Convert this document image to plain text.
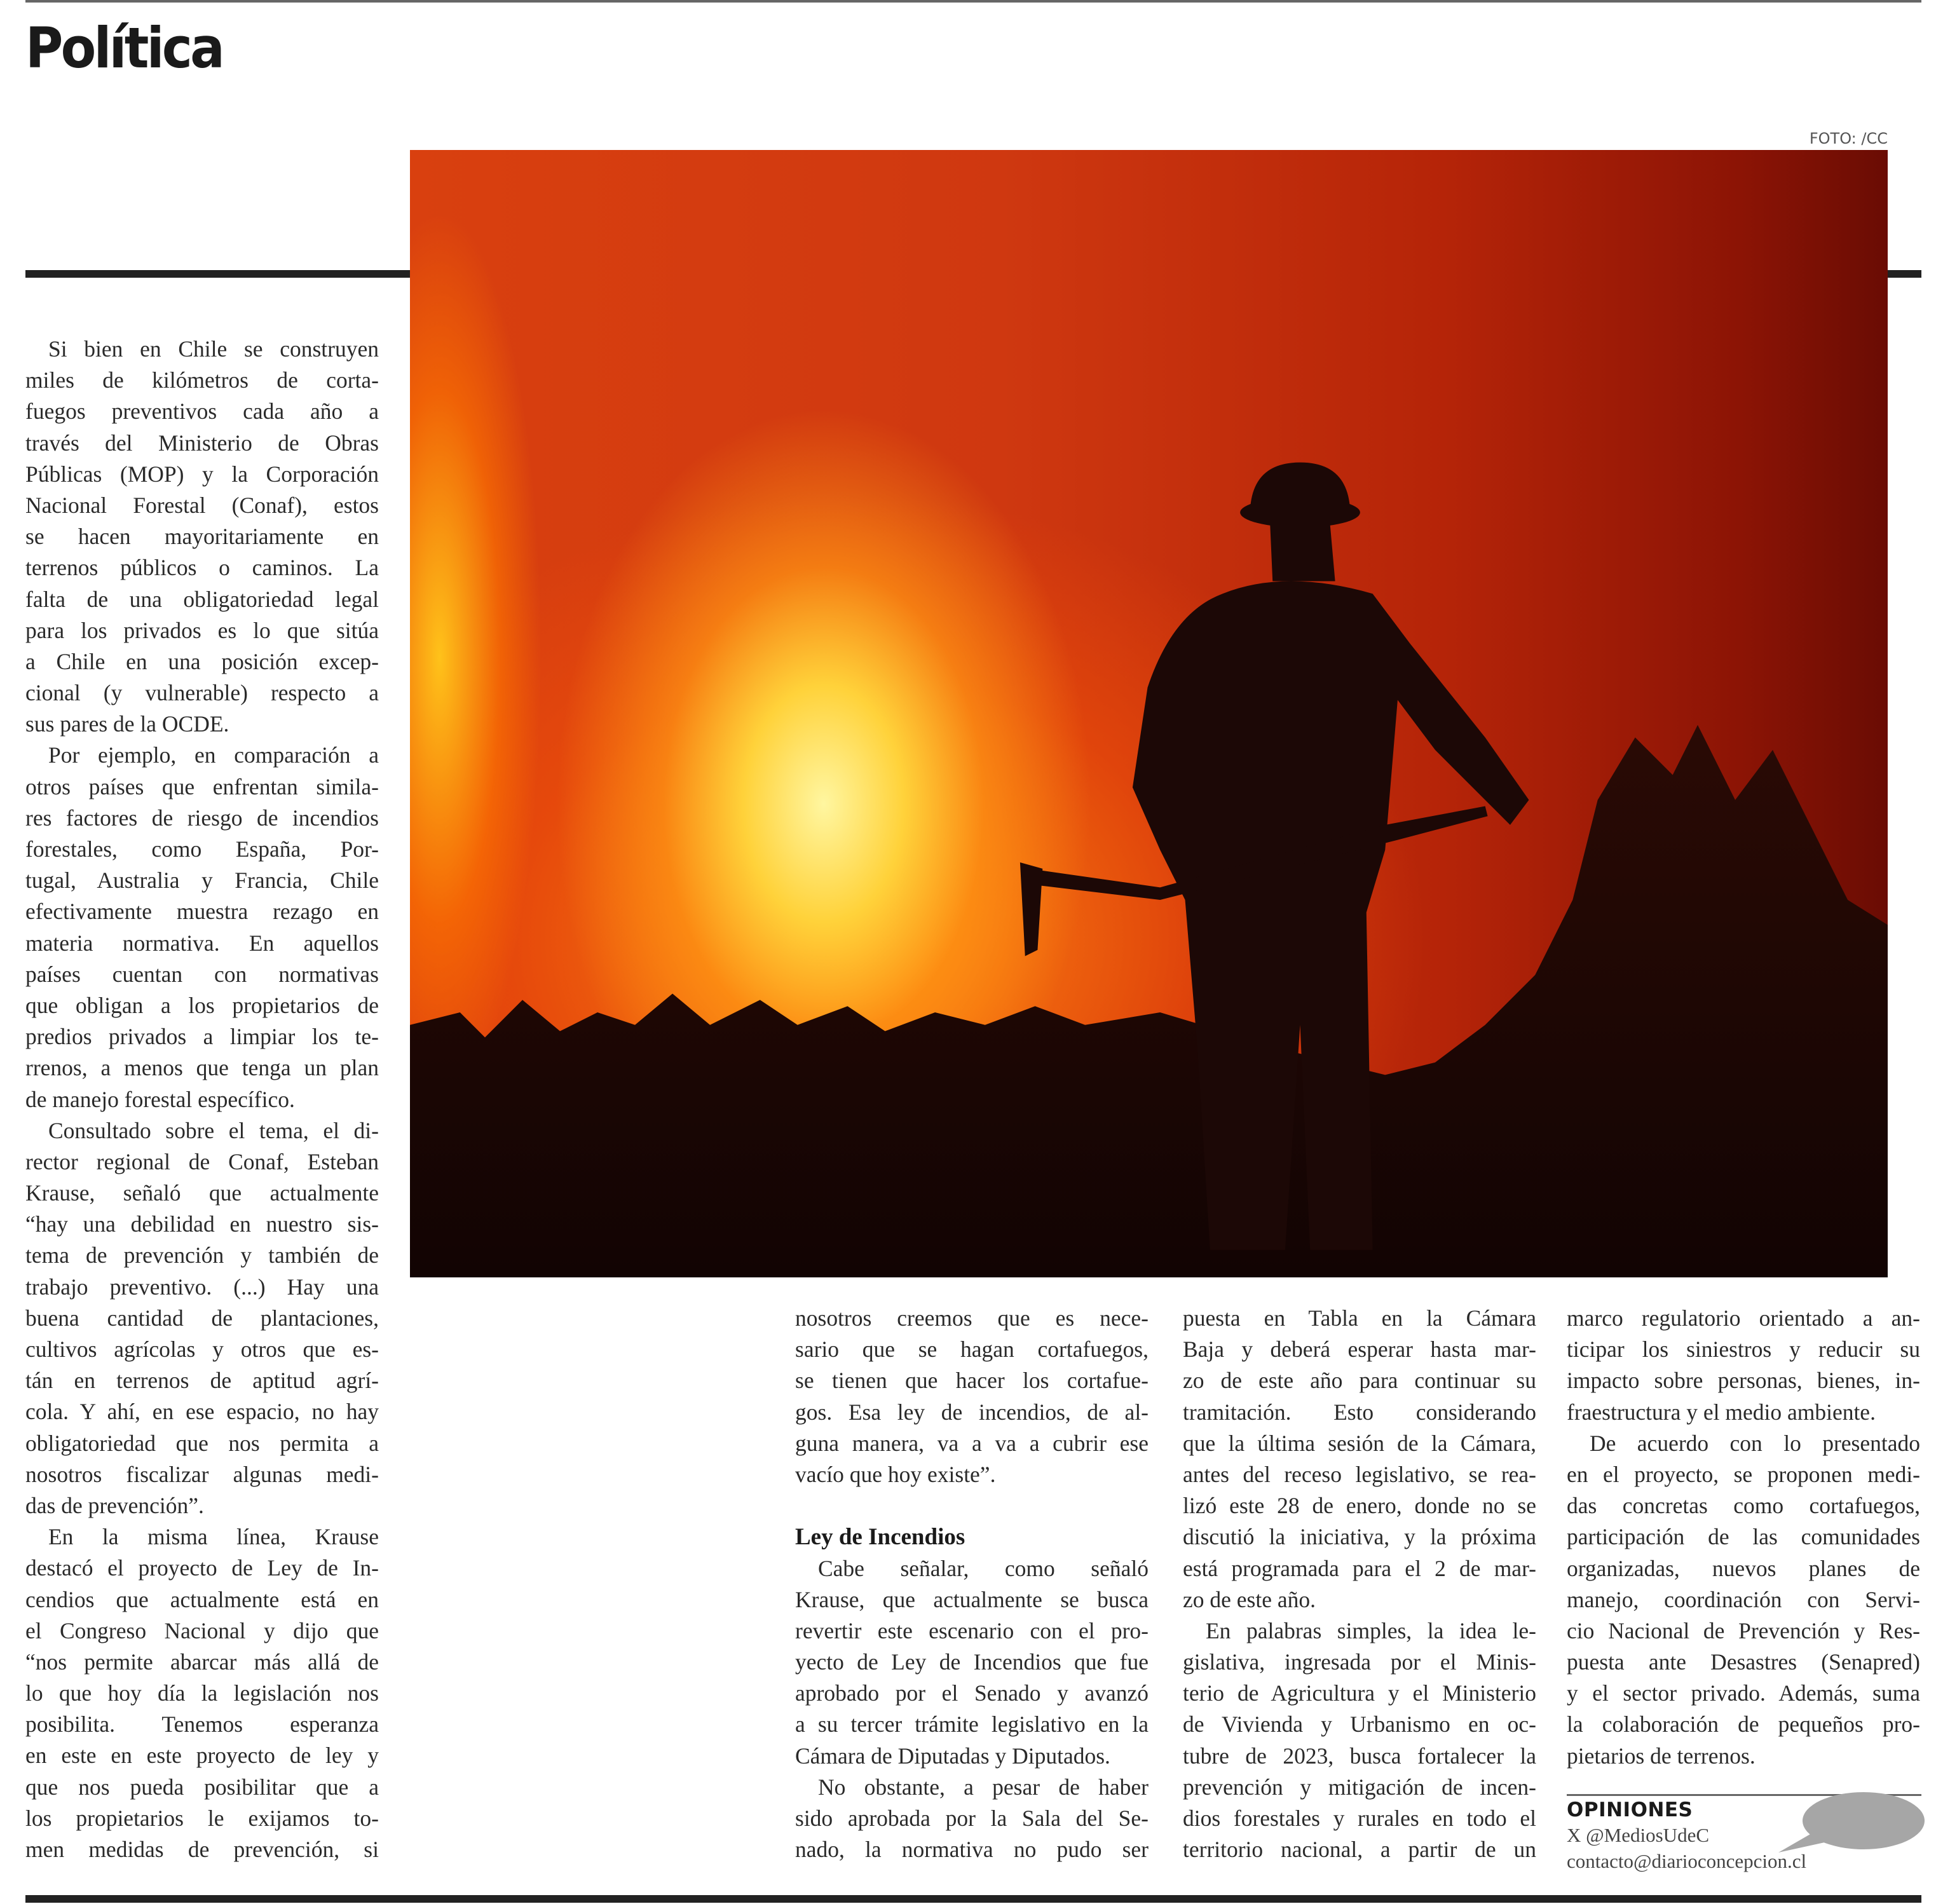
Política
FOTO: /CC
Si bien en Chile se construyen
miles de kilómetros de corta-
fuegos preventivos cada año a
través del Ministerio de Obras
Públicas (MOP) y la Corporación
Nacional Forestal (Conaf), estos
se hacen mayoritariamente en
terrenos públicos o caminos. La
falta de una obligatoriedad legal
para los privados es lo que sitúa
a Chile en una posición excep-
cional (y vulnerable) respecto a
sus pares de la OCDE.
Por ejemplo, en comparación a
otros países que enfrentan simila-
res factores de riesgo de incendios
forestales, como España, Por-
tugal, Australia y Francia, Chile
efectivamente muestra rezago en
materia normativa. En aquellos
países cuentan con normativas
que obligan a los propietarios de
predios privados a limpiar los te-
rrenos, a menos que tenga un plan
de manejo forestal específico.
Consultado sobre el tema, el di-
rector regional de Conaf, Esteban
Krause, señaló que actualmente
“hay una debilidad en nuestro sis-
tema de prevención y también de
trabajo preventivo. (...) Hay una
buena cantidad de plantaciones,
cultivos agrícolas y otros que es-
tán en terrenos de aptitud agrí-
cola. Y ahí, en ese espacio, no hay
obligatoriedad que nos permita a
nosotros fiscalizar algunas medi-
das de prevención”.
En la misma línea, Krause
destacó el proyecto de Ley de In-
cendios que actualmente está en
el Congreso Nacional y dijo que
“nos permite abarcar más allá de
lo que hoy día la legislación nos
posibilita. Tenemos esperanza
en este en este proyecto de ley y
que nos pueda posibilitar que a
los propietarios le exijamos to-
men medidas de prevención, si
nosotros creemos que es nece-
sario que se hagan cortafuegos,
se tienen que hacer los cortafue-
gos. Esa ley de incendios, de al-
guna manera, va a va a cubrir ese
vacío que hoy existe”.
Ley de Incendios
Cabe señalar, como señaló
Krause, que actualmente se busca
revertir este escenario con el pro-
yecto de Ley de Incendios que fue
aprobado por el Senado y avanzó
a su tercer trámite legislativo en la
Cámara de Diputadas y Diputados.
No obstante, a pesar de haber
sido aprobada por la Sala del Se-
nado, la normativa no pudo ser
puesta en Tabla en la Cámara
Baja y deberá esperar hasta mar-
zo de este año para continuar su
tramitación. Esto considerando
que la última sesión de la Cámara,
antes del receso legislativo, se rea-
lizó este 28 de enero, donde no se
discutió la iniciativa, y la próxima
está programada para el 2 de mar-
zo de este año.
En palabras simples, la idea le-
gislativa, ingresada por el Minis-
terio de Agricultura y el Ministerio
de Vivienda y Urbanismo en oc-
tubre de 2023, busca fortalecer la
prevención y mitigación de incen-
dios forestales y rurales en todo el
territorio nacional, a partir de un
marco regulatorio orientado a an-
ticipar los siniestros y reducir su
impacto sobre personas, bienes, in-
fraestructura y el medio ambiente.
De acuerdo con lo presentado
en el proyecto, se proponen medi-
das concretas como cortafuegos,
participación de las comunidades
organizadas, nuevos planes de
manejo, coordinación con Servi-
cio Nacional de Prevención y Res-
puesta ante Desastres (Senapred)
y el sector privado. Además, suma
la colaboración de pequeños pro-
pietarios de terrenos.
OPINIONES
X @MediosUdeC
contacto@diarioconcepcion.cl
